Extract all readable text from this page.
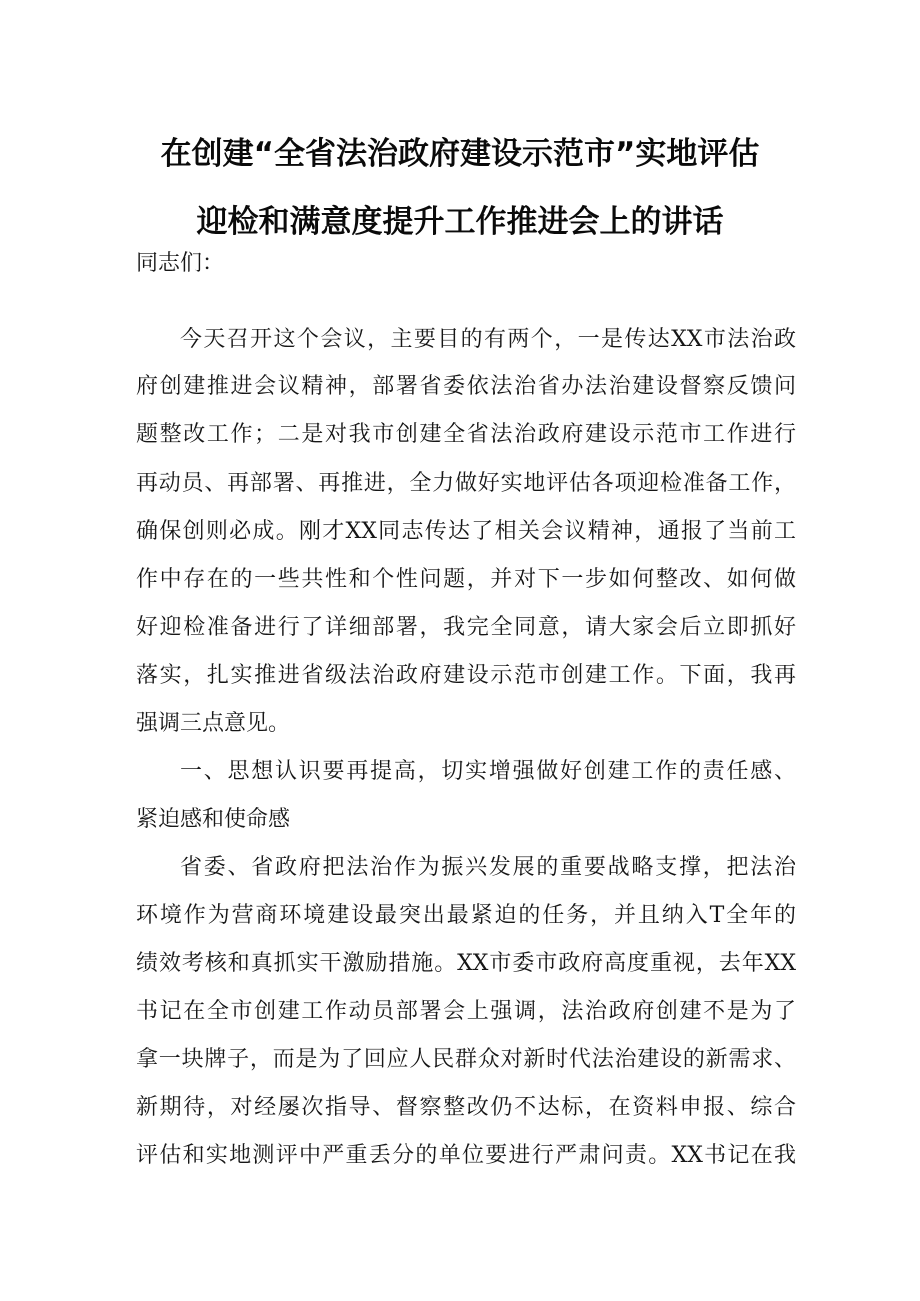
在创建“全省法治政府建设示范市”实地评估
迎检和满意度提升工作推进会上的讲话
同志们：
今天召开这个会议，主要目的有两个，一是传达XX市法治政
府创建推进会议精神，部署省委依法治省办法治建设督察反馈问
题整改工作；二是对我市创建全省法治政府建设示范市工作进行
再动员、再部署、再推进，全力做好实地评估各项迎检准备工作，
确保创则必成。刚才XX同志传达了相关会议精神，通报了当前工
作中存在的一些共性和个性问题，并对下一步如何整改、如何做
好迎检准备进行了详细部署，我完全同意，请大家会后立即抓好
落实，扎实推进省级法治政府建设示范市创建工作。下面，我再
强调三点意见。
一、思想认识要再提高，切实增强做好创建工作的责任感、
紧迫感和使命感
省委、省政府把法治作为振兴发展的重要战略支撑，把法治
环境作为营商环境建设最突出最紧迫的任务，并且纳入T全年的
绩效考核和真抓实干激励措施。XX市委市政府高度重视，去年XX
书记在全市创建工作动员部署会上强调，法治政府创建不是为了
拿一块牌子，而是为了回应人民群众对新时代法治建设的新需求、
新期待，对经屡次指导、督察整改仍不达标，在资料申报、综合
评估和实地测评中严重丢分的单位要进行严肃问责。XX书记在我
